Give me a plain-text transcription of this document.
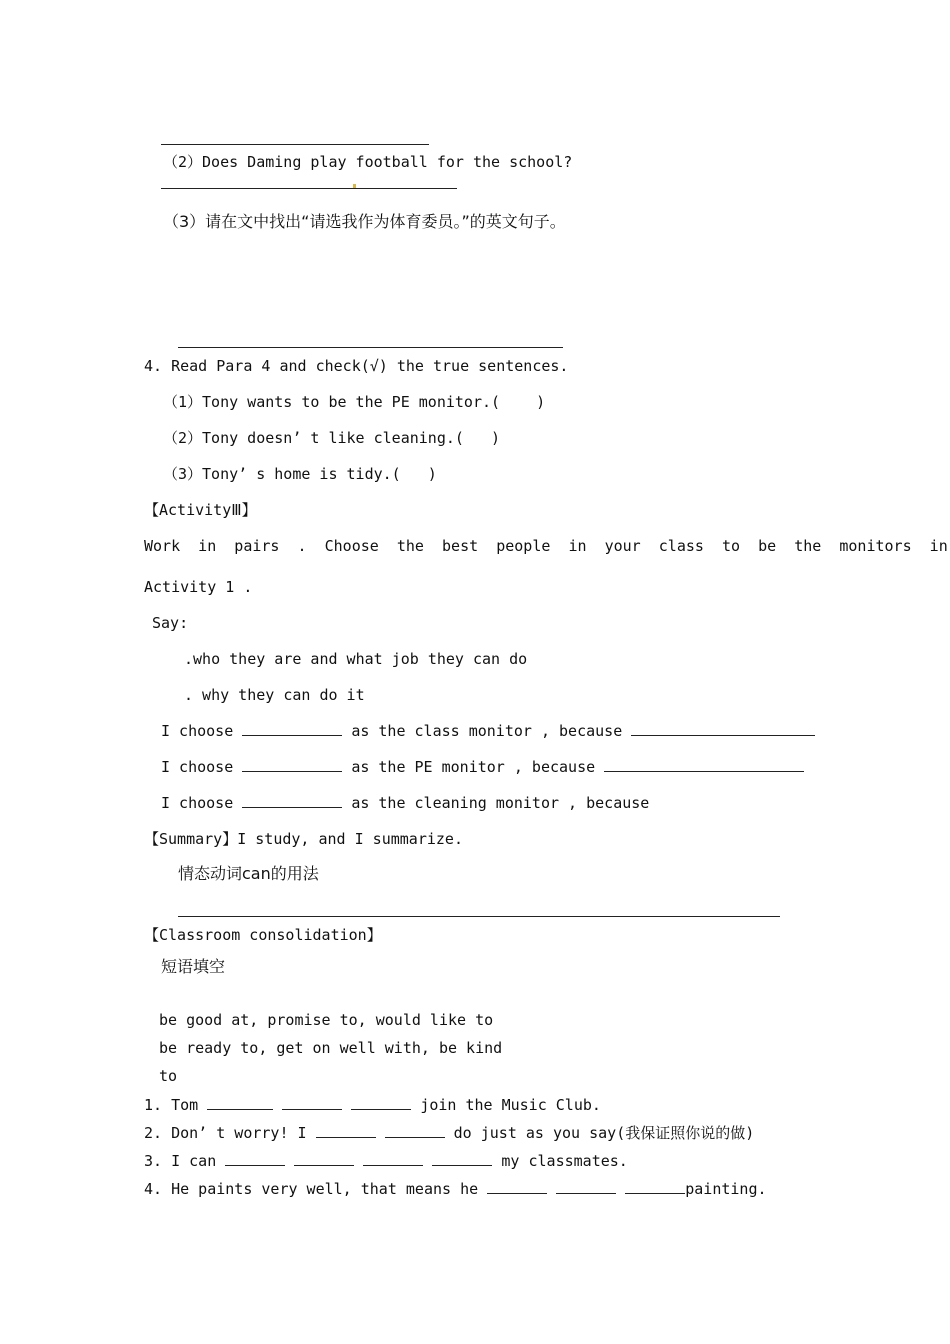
（2）Does Daming play football for the school?
（3）请在文中找出“请选我作为体育委员。”的英文句子。
4. Read Para 4 and check(√) the true sentences.
（1）Tony wants to be the PE monitor.(    )
（2）Tony doesn’ t like cleaning.(   )
（3）Tony’ s home is tidy.(   )
【ActivityⅢ】
Work  in  pairs  .  Choose  the  best  people  in  your  class  to  be  the  monitors  in
Activity 1 .
Say:
.who they are and what job they can do
. why they can do it
I choose	as the class monitor , because
I choose	as the PE monitor , because
I choose	as the cleaning monitor , because
【Summary】I study, and I summarize.
情态动词can的用法
【Classroom consolidation】
短语填空
be good at, promise to, would like to
be ready to, get on well with, be kind
to
1. Tom	join the Music Club.
2. Don’ t worry! I	do just as you say(我保证照你说的做)
3. I can	my classmates.
4. He paints very well, that means he	painting.
